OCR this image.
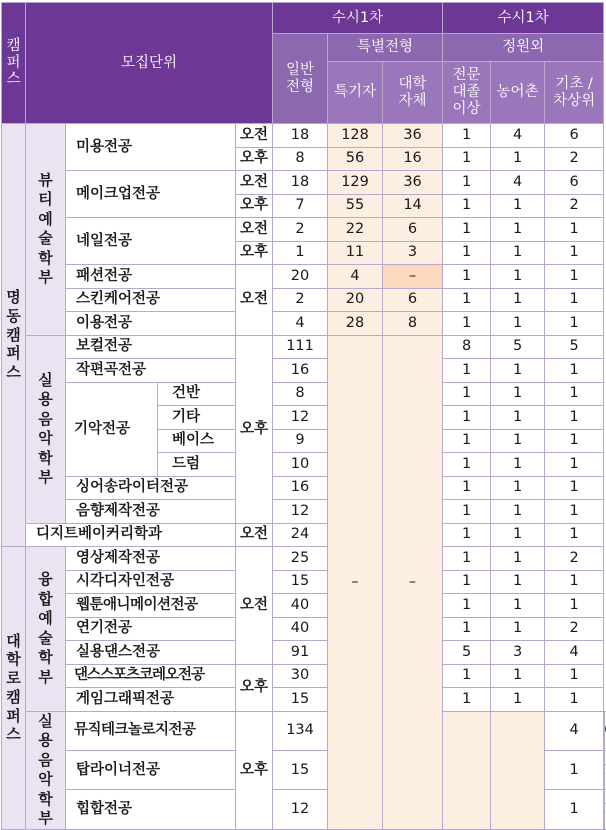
캠퍼스	모집단위				수시1차			수시1차			
					일반 전형	특별전형		정원외			
						특기자	대학 자체	전문 대졸 이상	농어촌	기초 / 차상위	

명동캠퍼스	뷰티 예술 학부	미용전공		오전	18	128	36	1	4	6	
				오후	8	56	16	1	1	2	
		메이크업전공		오전	18	129	36	1	4	6	
				오후	7	55	14	1	1	2	
		네일전공		오전	2	22	6	1	1	1	
				오후	1	11	3	1	1	1	
		패션전공		오전	20	4	–	1	1	1	
		스킨케어전공			2	20	6	1	1	1	
		이용전공			4	28	8	1	1	1	
	실용 음악 학부	보컬전공		오후	111	–	–	8	5	5	
		작편곡전공			16			1	1	1	
		기악전공	건반		8			1	1	1	
			기타		12			1	1	1	
			베이스		9			1	1	1	
			드럼		10			1	1	1	
		싱어송라이터전공			16			1	1	1	
		음향제작전공			12			1	1	1	
	디지트베이커리학과			오전	24			1	1	1	

대학로캠퍼스	융합 예술 학부	영상제작전공		오전	25			1	1	2	
		시각디자인전공			15			1	1	1	
		웹툰애니메이션전공			40			1	1	1	
		연기전공			40			1	1	2	
		실용댄스전공			91			5	3	4	
		댄스스포츠코레오전공		오후	30			1	1	1	
		게임그래픽전공			15			1	1	1	
	실용 음악 학부	뮤직테크놀로지전공		오후	134					4		
		탑라이너전공			15					1		
		힙합전공			12					1		
